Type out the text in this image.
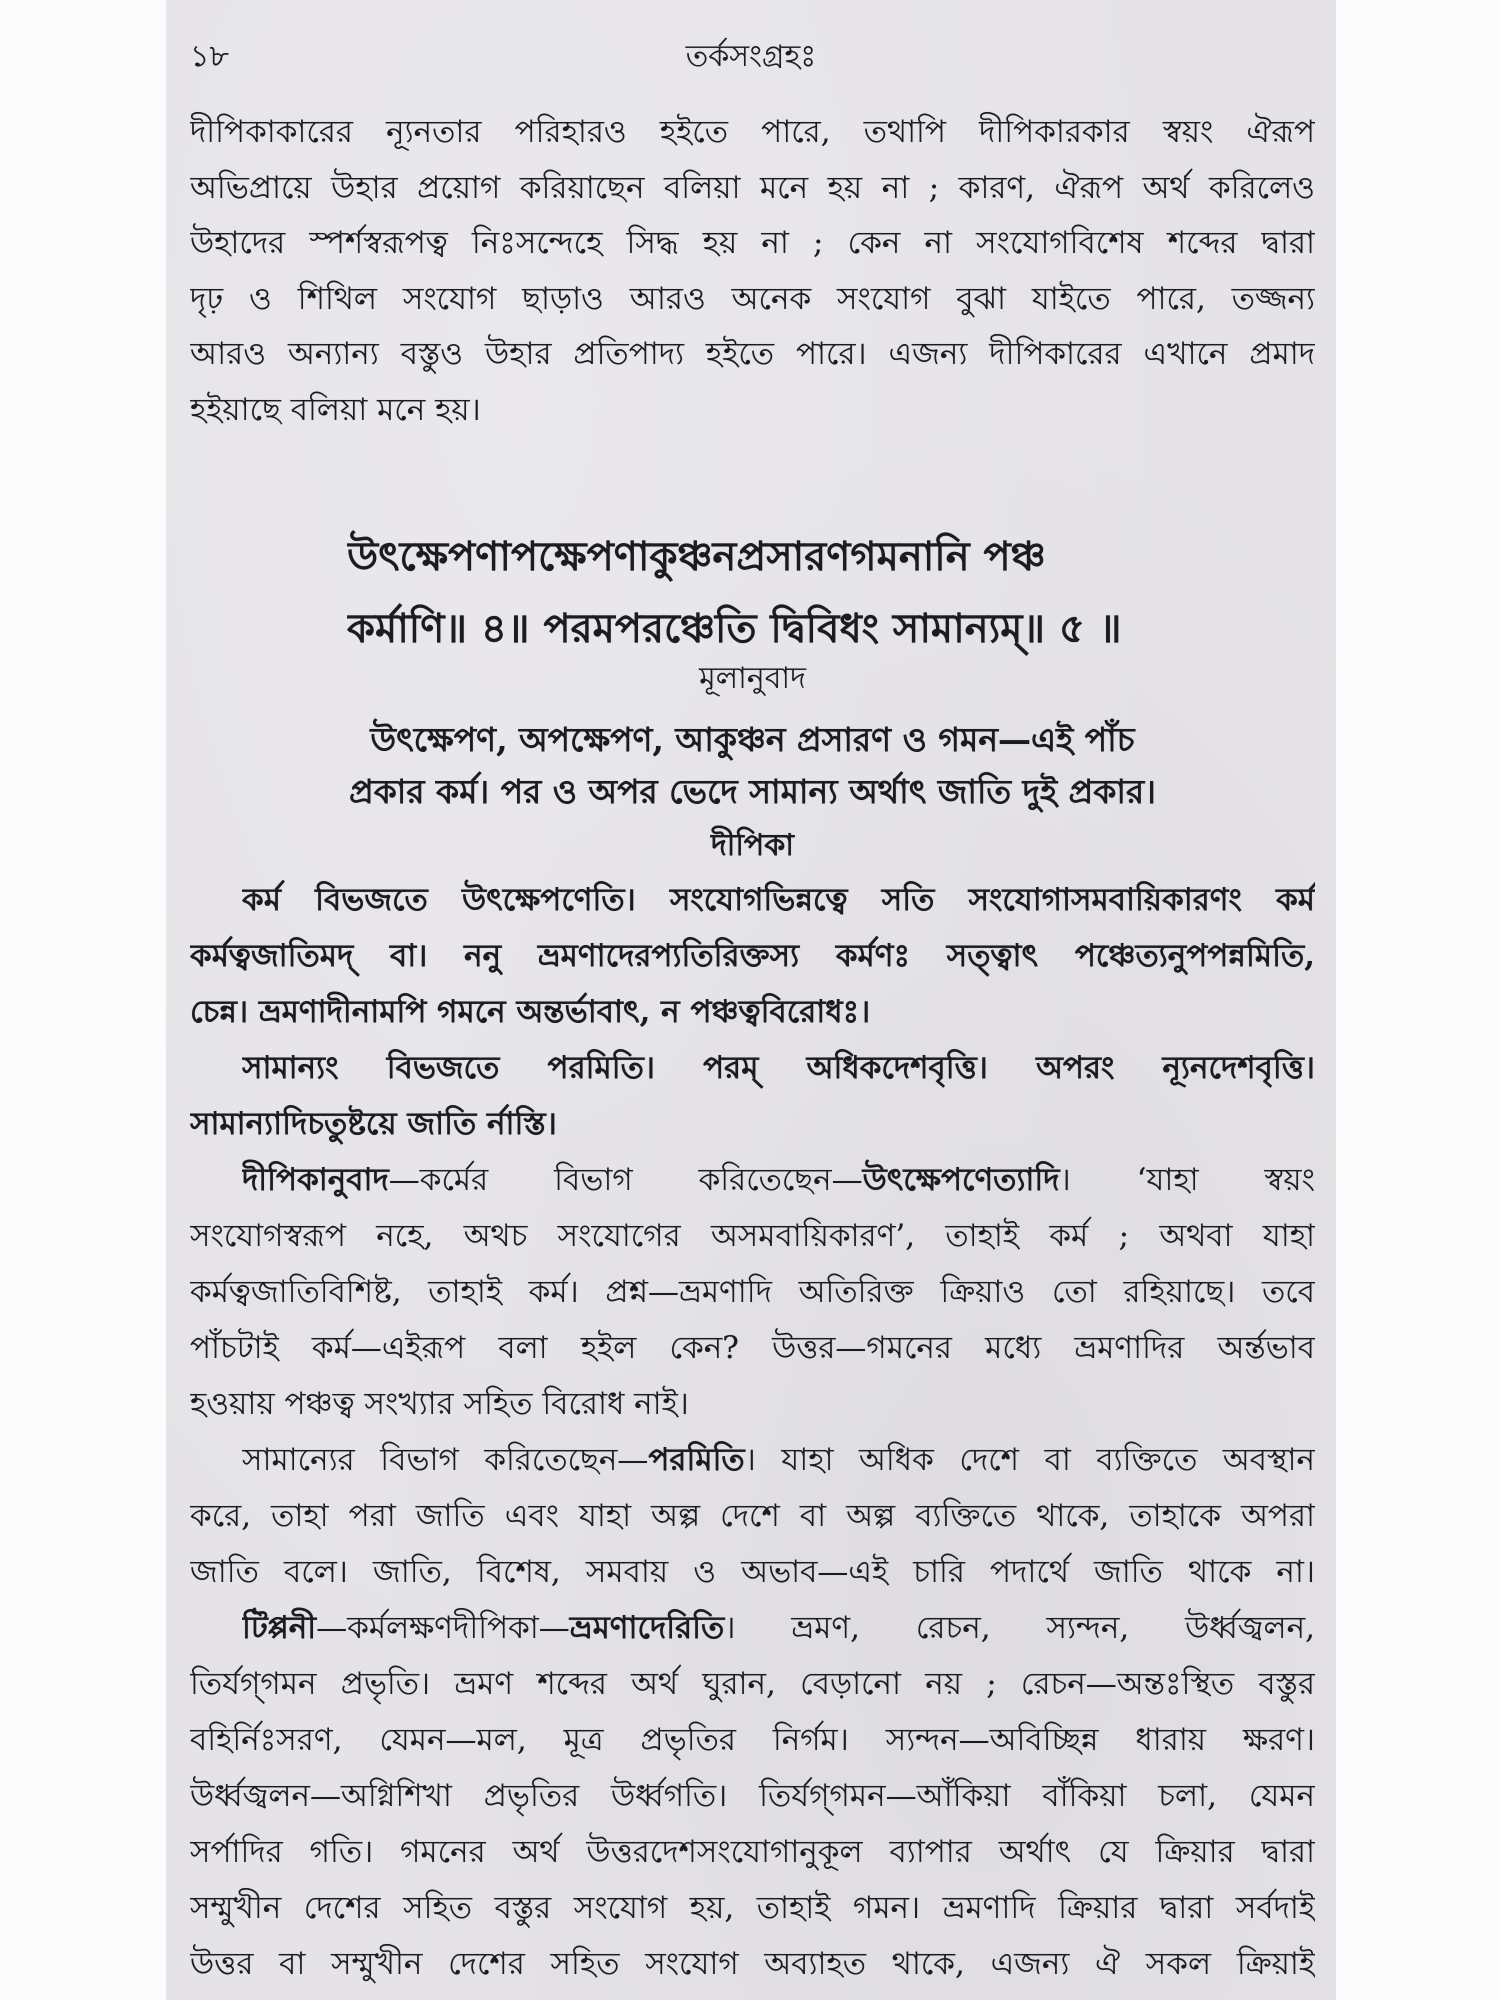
১৮	তর্কসংগ্রহঃ
দীপিকাকারের ন্যূনতার পরিহারও হইতে পারে, তথাপি দীপিকারকার স্বয়ং ঐরূপ
অভিপ্রায়ে উহার প্রয়োগ করিয়াছেন বলিয়া মনে হয় না ; কারণ, ঐরূপ অর্থ করিলেও
উহাদের স্পর্শস্বরূপত্ব নিঃসন্দেহে সিদ্ধ হয় না ; কেন না সংযোগবিশেষ শব্দের দ্বারা
দৃঢ় ও শিথিল সংযোগ ছাড়াও আরও অনেক সংযোগ বুঝা যাইতে পারে, তজ্জন্য
আরও অন্যান্য বস্তুও উহার প্রতিপাদ্য হইতে পারে। এজন্য দীপিকারের এখানে প্রমাদ
হইয়াছে বলিয়া মনে হয়।
উৎক্ষেপণাপক্ষেপণাকুঞ্চনপ্রসারণগমনানি পঞ্চ
কর্মাণি॥ ৪॥ পরমপরঞ্চেতি দ্বিবিধং সামান্যম্॥ ৫ ॥
মূলানুবাদ
উৎক্ষেপণ, অপক্ষেপণ, আকুঞ্চন প্রসারণ ও গমন—এই পাঁচ
প্রকার কর্ম। পর ও অপর ভেদে সামান্য অর্থাৎ জাতি দুই প্রকার।
দীপিকা
কর্ম বিভজতে উৎক্ষেপণেতি। সংযোগভিন্নত্বে সতি সংযোগাসমবায়িকারণং কর্ম
কর্মত্বজাতিমদ্ বা। ননু ভ্রমণাদেরপ্যতিরিক্তস্য কর্মণঃ সত্ত্বাৎ পঞ্চেত্যনুপপন্নমিতি,
চেন্ন। ভ্রমণাদীনামপি গমনে অন্তর্ভাবাৎ, ন পঞ্চত্ববিরোধঃ।
সামান্যং বিভজতে পরমিতি। পরম্ অধিকদেশবৃত্তি। অপরং ন্যূনদেশবৃত্তি।
সামান্যাদিচতুষ্টয়ে জাতি র্নাস্তি।
দীপিকানুবাদ—কর্মের বিভাগ করিতেছেন—উৎক্ষেপণেত্যাদি। ‘যাহা স্বয়ং
সংযোগস্বরূপ নহে, অথচ সংযোগের অসমবায়িকারণ’, তাহাই কর্ম ; অথবা যাহা
কর্মত্বজাতিবিশিষ্ট, তাহাই কর্ম। প্রশ্ন—ভ্রমণাদি অতিরিক্ত ক্রিয়াও তো রহিয়াছে। তবে
পাঁচটাই কর্ম—এইরূপ বলা হইল কেন? উত্তর—গমনের মধ্যে ভ্রমণাদির অর্ন্তভাব
হওয়ায় পঞ্চত্ব সংখ্যার সহিত বিরোধ নাই।
সামান্যের বিভাগ করিতেছেন—পরমিতি। যাহা অধিক দেশে বা ব্যক্তিতে অবস্থান
করে, তাহা পরা জাতি এবং যাহা অল্প দেশে বা অল্প ব্যক্তিতে থাকে, তাহাকে অপরা
জাতি বলে। জাতি, বিশেষ, সমবায় ও অভাব—এই চারি পদার্থে জাতি থাকে না।
টিপ্পনী—কর্মলক্ষণদীপিকা—ভ্রমণাদেরিতি। ভ্রমণ, রেচন, স্যন্দন, উর্ধ্বজ্বলন,
তির্যগ্‌গমন প্রভৃতি। ভ্রমণ শব্দের অর্থ ঘুরান, বেড়ানো নয় ; রেচন—অন্তঃস্থিত বস্তুর
বহির্নিঃসরণ, যেমন—মল, মূত্র প্রভৃতির নির্গম। স্যন্দন—অবিচ্ছিন্ন ধারায় ক্ষরণ।
উর্ধ্বজ্বলন—অগ্নিশিখা প্রভৃতির উর্ধ্বগতি। তির্যগ্‌গমন—আঁকিয়া বাঁকিয়া চলা, যেমন
সর্পাদির গতি। গমনের অর্থ উত্তরদেশসংযোগানুকূল ব্যাপার অর্থাৎ যে ক্রিয়ার দ্বারা
সম্মুখীন দেশের সহিত বস্তুর সংযোগ হয়, তাহাই গমন। ভ্রমণাদি ক্রিয়ার দ্বারা সর্বদাই
উত্তর বা সম্মুখীন দেশের সহিত সংযোগ অব্যাহত থাকে, এজন্য ঐ সকল ক্রিয়াই
